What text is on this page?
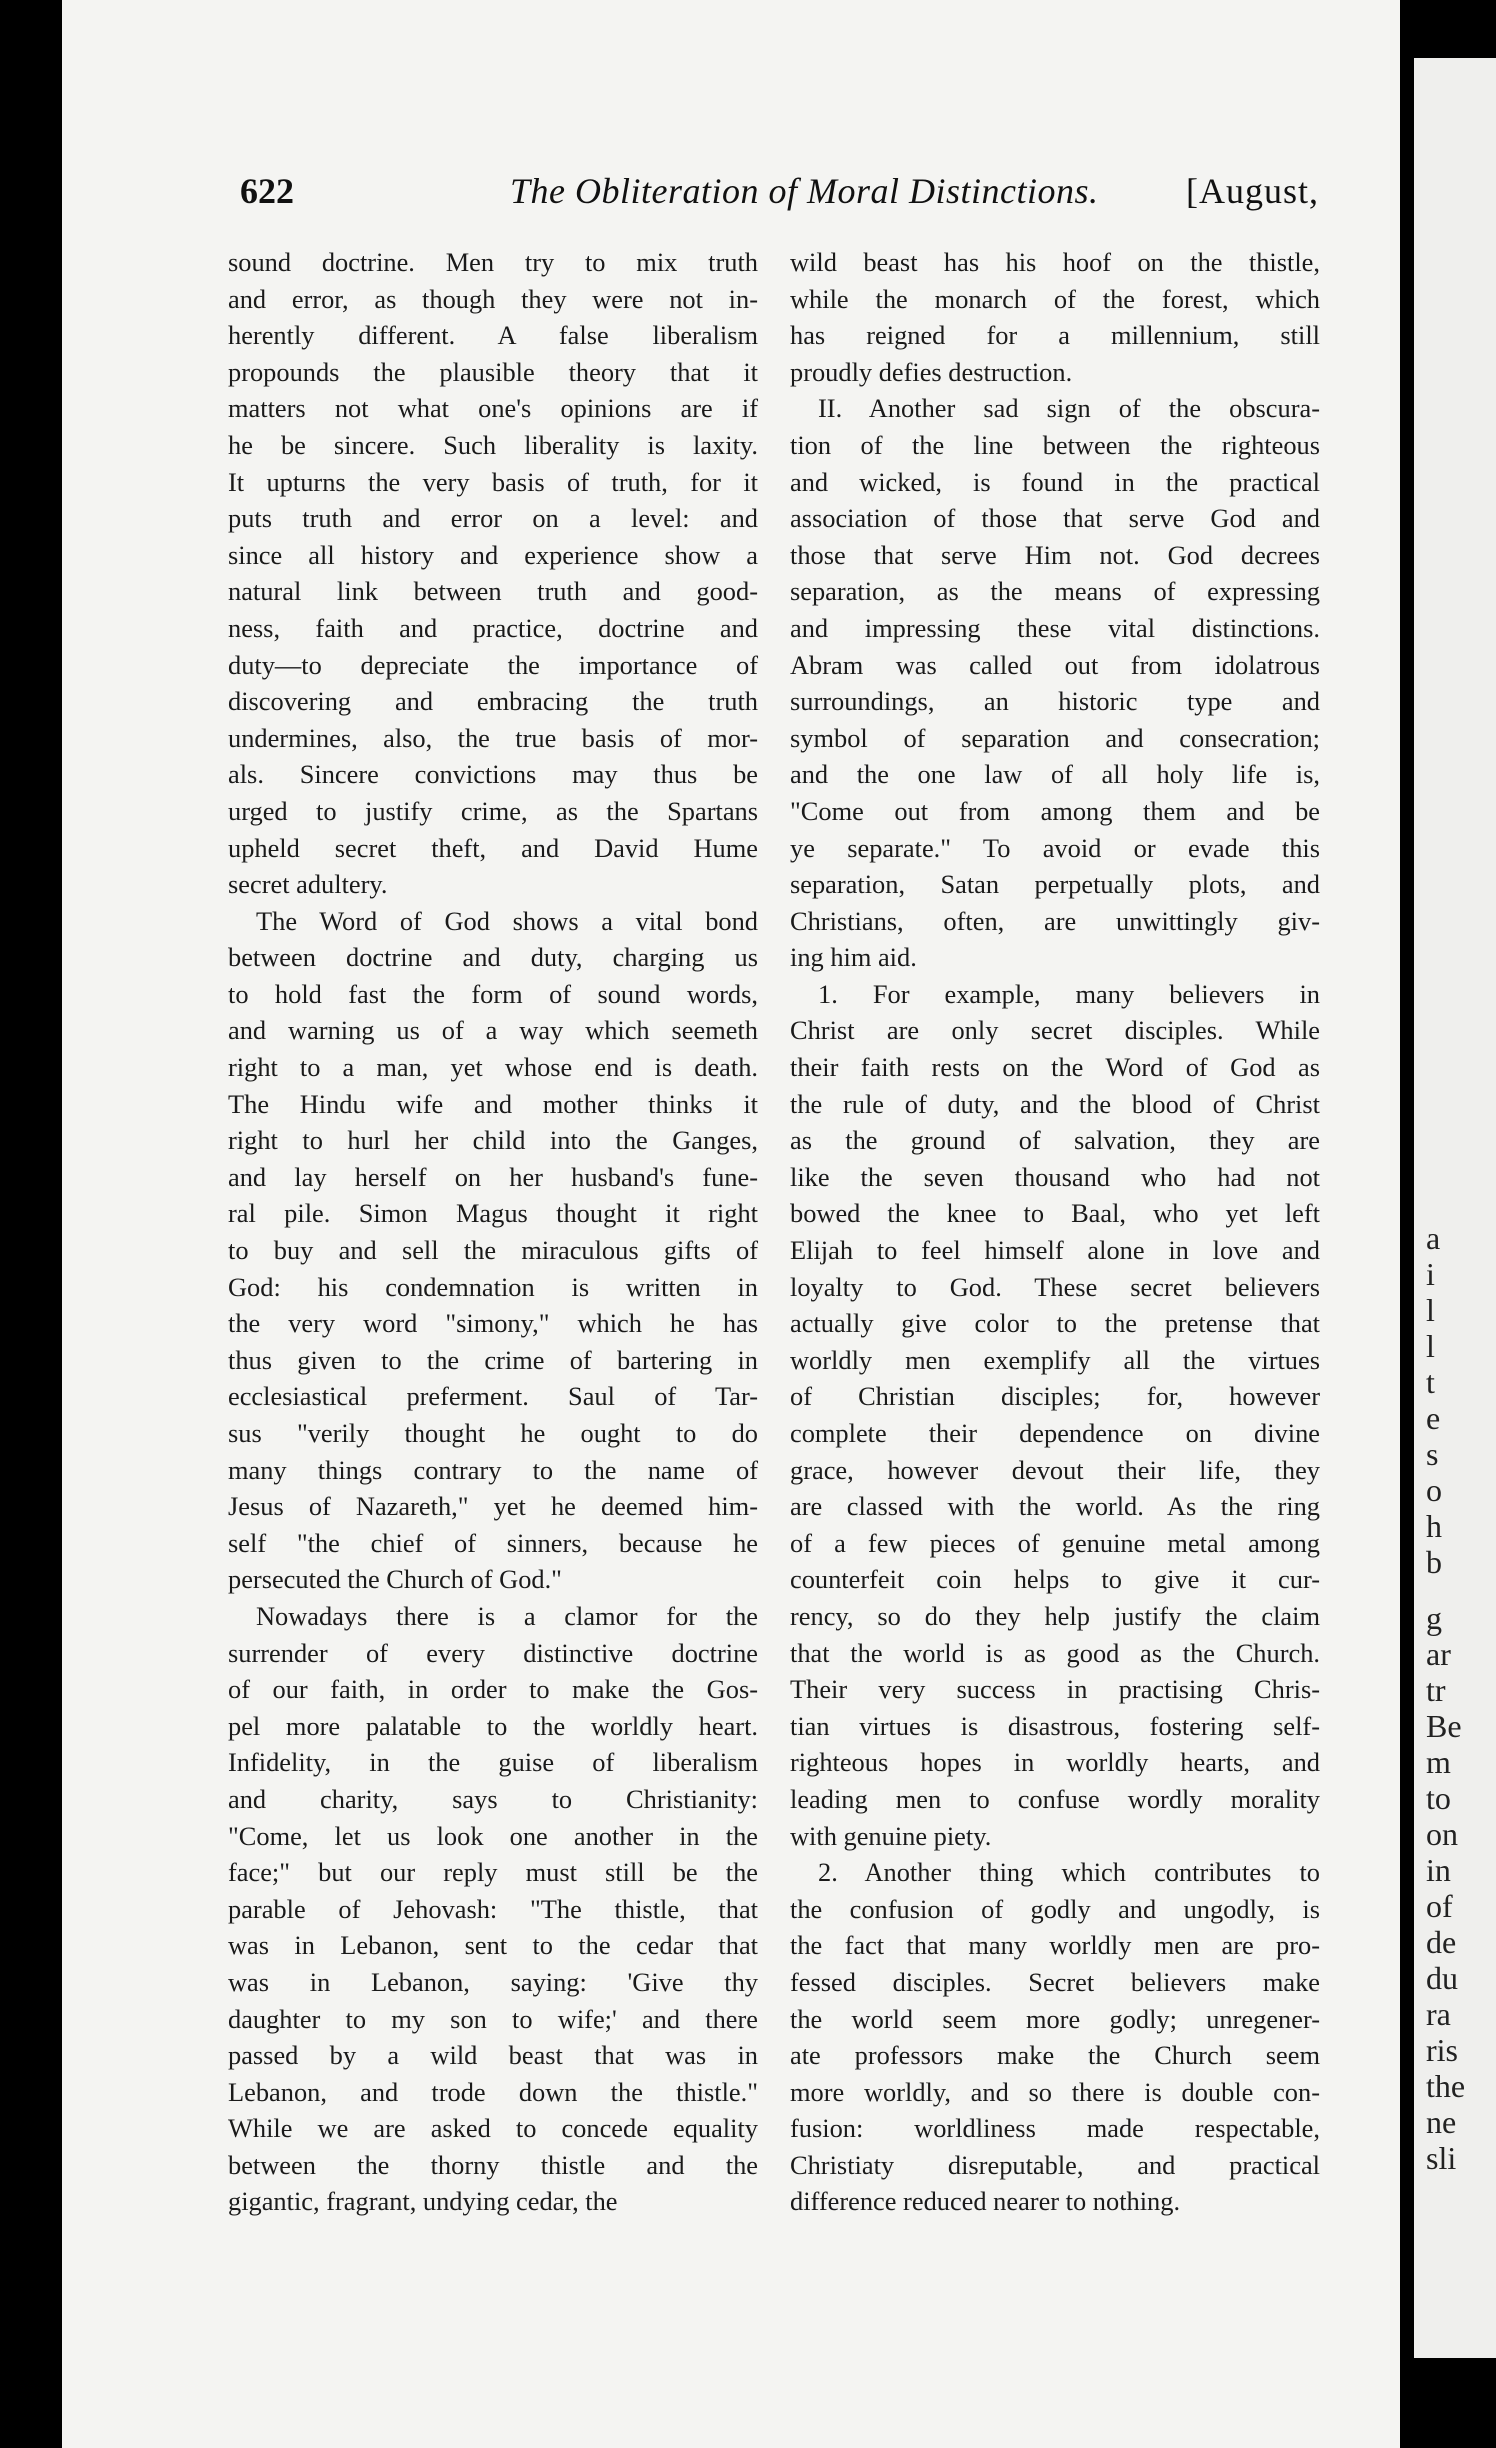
a
i
l
l
t
e
s
o
h
b
g
ar
tr
Be
m
to
on
in
of
de
du
ra
ris
the
ne
sli
622	The Obliteration of Moral Distinctions. [August,
sound doctrine. Men try to mix truth
and error, as though they were not in-
herently different. A false liberalism
propounds the plausible theory that it
matters not what one's opinions are if
he be sincere. Such liberality is laxity.
It upturns the very basis of truth, for it
puts truth and error on a level: and
since all history and experience show a
natural link between truth and good-
ness, faith and practice, doctrine and
duty—to depreciate the importance of
discovering and embracing the truth
undermines, also, the true basis of mor-
als. Sincere convictions may thus be
urged to justify crime, as the Spartans
upheld secret theft, and David Hume
secret adultery.
The Word of God shows a vital bond
between doctrine and duty, charging us
to hold fast the form of sound words,
and warning us of a way which seemeth
right to a man, yet whose end is death.
The Hindu wife and mother thinks it
right to hurl her child into the Ganges,
and lay herself on her husband's fune-
ral pile. Simon Magus thought it right
to buy and sell the miraculous gifts of
God: his condemnation is written in
the very word "simony," which he has
thus given to the crime of bartering in
ecclesiastical preferment. Saul of Tar-
sus "verily thought he ought to do
many things contrary to the name of
Jesus of Nazareth," yet he deemed him-
self "the chief of sinners, because he
persecuted the Church of God."
Nowadays there is a clamor for the
surrender of every distinctive doctrine
of our faith, in order to make the Gos-
pel more palatable to the worldly heart.
Infidelity, in the guise of liberalism
and charity, says to Christianity:
"Come, let us look one another in the
face;" but our reply must still be the
parable of Jehovash: "The thistle, that
was in Lebanon, sent to the cedar that
was in Lebanon, saying: 'Give thy
daughter to my son to wife;' and there
passed by a wild beast that was in
Lebanon, and trode down the thistle."
While we are asked to concede equality
between the thorny thistle and the
gigantic, fragrant, undying cedar, the
wild beast has his hoof on the thistle,
while the monarch of the forest, which
has reigned for a millennium, still
proudly defies destruction.
II. Another sad sign of the obscura-
tion of the line between the righteous
and wicked, is found in the practical
association of those that serve God and
those that serve Him not. God decrees
separation, as the means of expressing
and impressing these vital distinctions.
Abram was called out from idolatrous
surroundings, an historic type and
symbol of separation and consecration;
and the one law of all holy life is,
"Come out from among them and be
ye separate." To avoid or evade this
separation, Satan perpetually plots, and
Christians, often, are unwittingly giv-
ing him aid.
1. For example, many believers in
Christ are only secret disciples. While
their faith rests on the Word of God as
the rule of duty, and the blood of Christ
as the ground of salvation, they are
like the seven thousand who had not
bowed the knee to Baal, who yet left
Elijah to feel himself alone in love and
loyalty to God. These secret believers
actually give color to the pretense that
worldly men exemplify all the virtues
of Christian disciples; for, however
complete their dependence on divine
grace, however devout their life, they
are classed with the world. As the ring
of a few pieces of genuine metal among
counterfeit coin helps to give it cur-
rency, so do they help justify the claim
that the world is as good as the Church.
Their very success in practising Chris-
tian virtues is disastrous, fostering self-
righteous hopes in worldly hearts, and
leading men to confuse wordly morality
with genuine piety.
2. Another thing which contributes to
the confusion of godly and ungodly, is
the fact that many worldly men are pro-
fessed disciples. Secret believers make
the world seem more godly; unregener-
ate professors make the Church seem
more worldly, and so there is double con-
fusion: worldliness made respectable,
Christiaty disreputable, and practical
difference reduced nearer to nothing.
